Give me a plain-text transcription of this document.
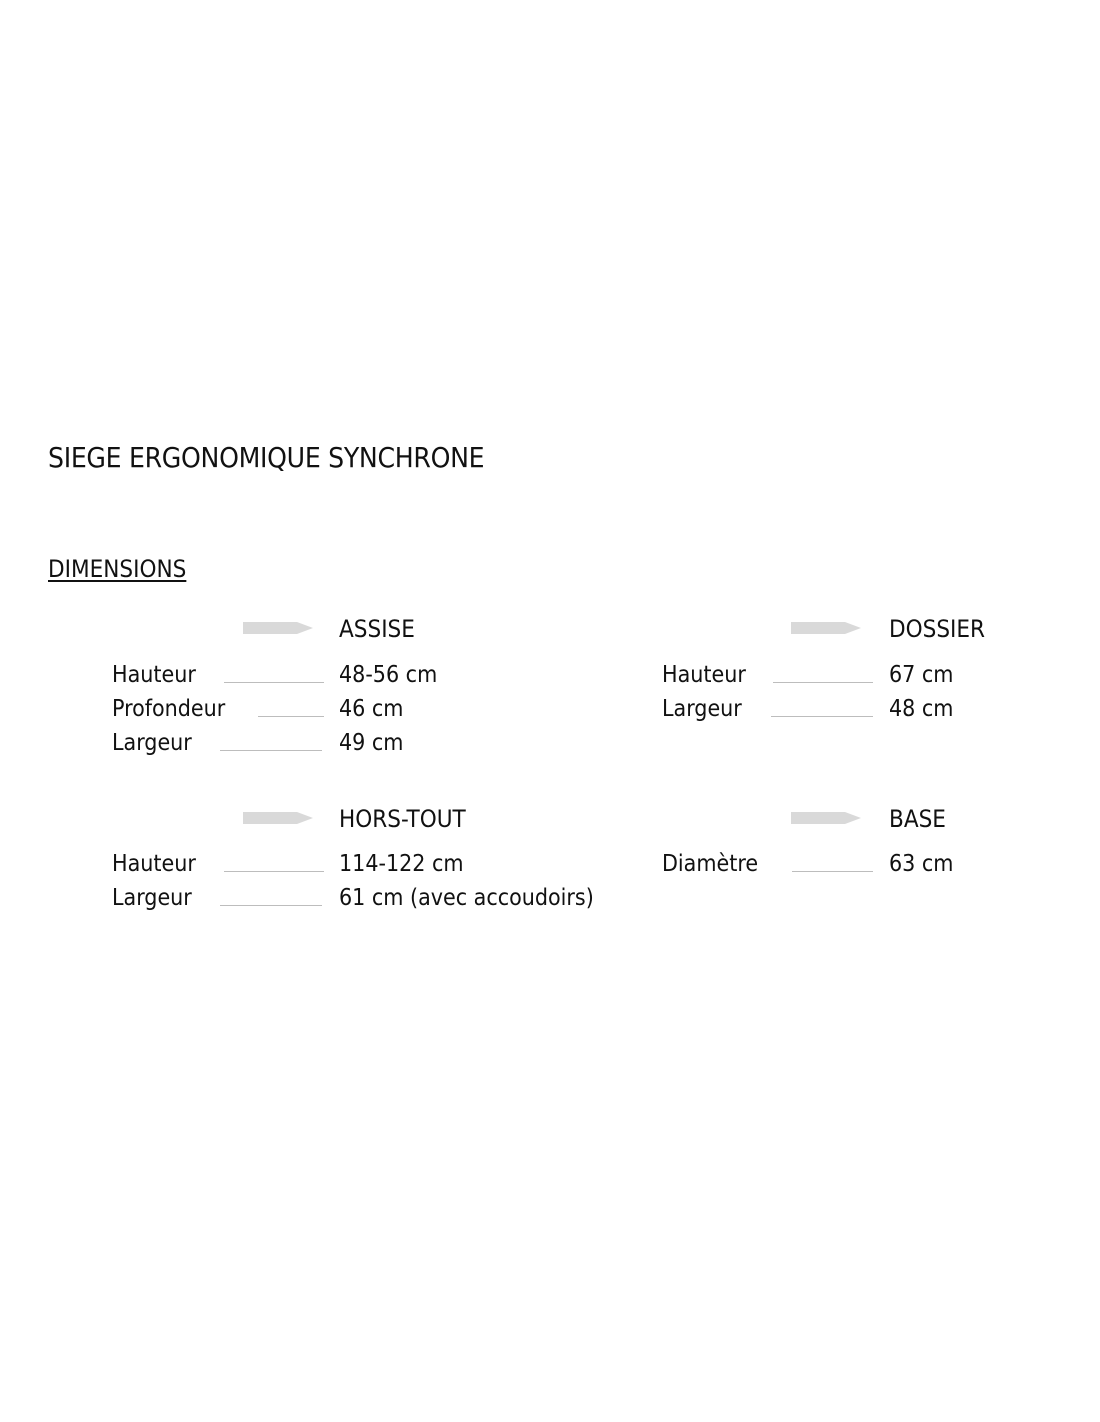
SIEGE ERGONOMIQUE SYNCHRONE
DIMENSIONS
ASSISE
Hauteur	48-56 cm
Profondeur	46 cm
Largeur	49 cm
DOSSIER
Hauteur	67 cm
Largeur	48 cm
HORS-TOUT
Hauteur	114-122 cm
Largeur	61 cm (avec accoudoirs)
BASE
Diamètre	63 cm
